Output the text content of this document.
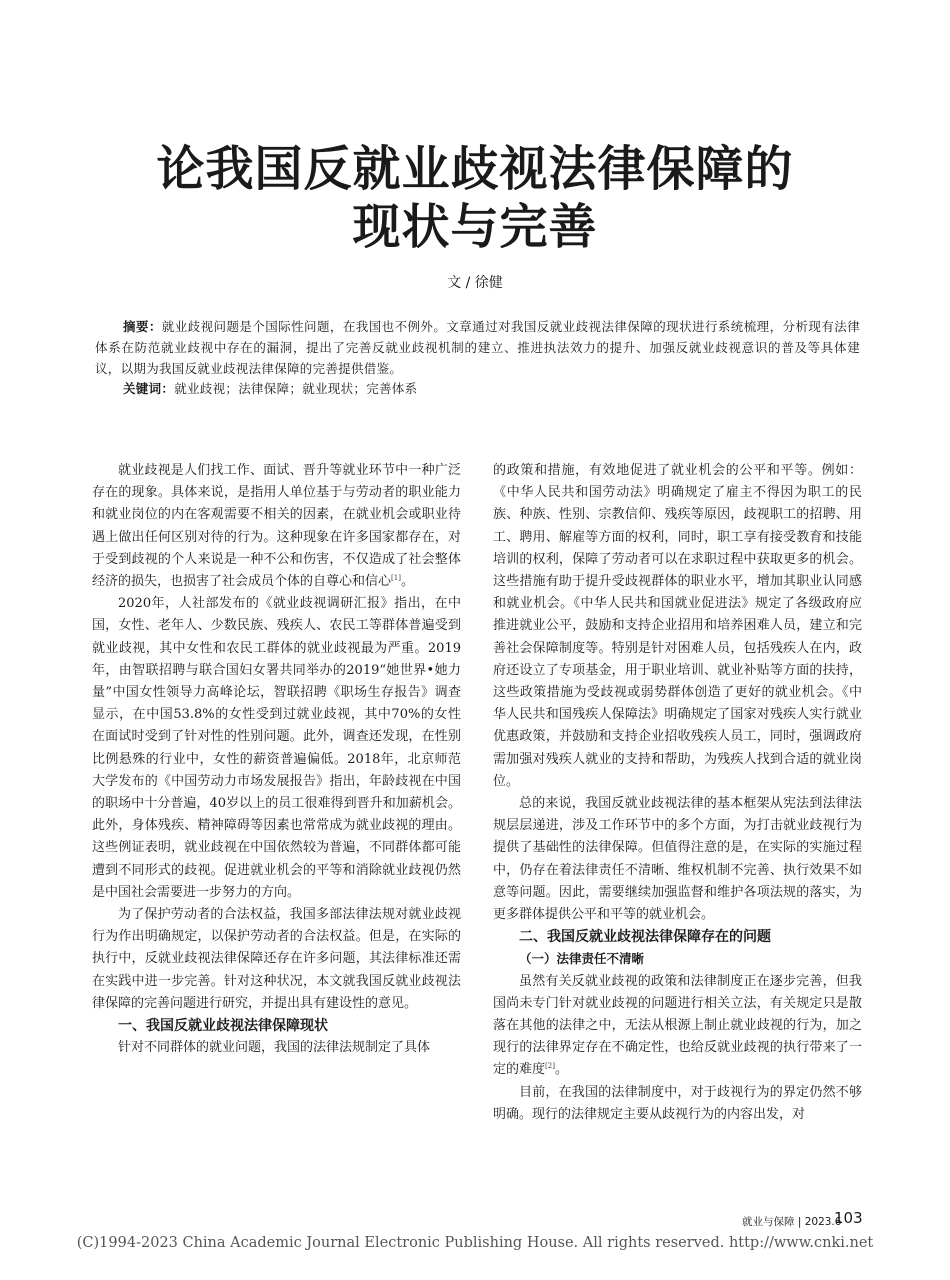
论我国反就业歧视法律保障的
现状与完善
文 / 徐健
摘要：就业歧视问题是个国际性问题，在我国也不例外。文章通过对我国反就业歧视法律保障的现状进行系统梳理，分析现有法律体系在防范就业歧视中存在的漏洞，提出了完善反就业歧视机制的建立、推进执法效力的提升、加强反就业歧视意识的普及等具体建议，以期为我国反就业歧视法律保障的完善提供借鉴。
关键词：就业歧视；法律保障；就业现状；完善体系

就业歧视是人们找工作、面试、晋升等就业环节中一种广泛存在的现象。具体来说，是指用人单位基于与劳动者的职业能力和就业岗位的内在客观需要不相关的因素，在就业机会或职业待遇上做出任何区别对待的行为。这种现象在许多国家都存在，对于受到歧视的个人来说是一种不公和伤害，不仅造成了社会整体经济的损失，也损害了社会成员个体的自尊心和信心[1]。

2020年，人社部发布的《就业歧视调研汇报》指出，在中国，女性、老年人、少数民族、残疾人、农民工等群体普遍受到就业歧视，其中女性和农民工群体的就业歧视最为严重。2019年，由智联招聘与联合国妇女署共同举办的2019“她世界•她力量”中国女性领导力高峰论坛，智联招聘《职场生存报告》调查显示，在中国53.8%的女性受到过就业歧视，其中70%的女性在面试时受到了针对性的性别问题。此外，调查还发现，在性别比例悬殊的行业中，女性的薪资普遍偏低。2018年，北京师范大学发布的《中国劳动力市场发展报告》指出，年龄歧视在中国的职场中十分普遍，40岁以上的员工很难得到晋升和加薪机会。此外，身体残疾、精神障碍等因素也常常成为就业歧视的理由。这些例证表明，就业歧视在中国依然较为普遍，不同群体都可能遭到不同形式的歧视。促进就业机会的平等和消除就业歧视仍然是中国社会需要进一步努力的方向。

为了保护劳动者的合法权益，我国多部法律法规对就业歧视行为作出明确规定，以保护劳动者的合法权益。但是，在实际的执行中，反就业歧视法律保障还存在许多问题，其法律标准还需在实践中进一步完善。针对这种状况，本文就我国反就业歧视法律保障的完善问题进行研究，并提出具有建设性的意见。

一、我国反就业歧视法律保障现状

针对不同群体的就业问题，我国的法律法规制定了具体

的政策和措施，有效地促进了就业机会的公平和平等。例如：《中华人民共和国劳动法》明确规定了雇主不得因为职工的民族、种族、性别、宗教信仰、残疾等原因，歧视职工的招聘、用工、聘用、解雇等方面的权利，同时，职工享有接受教育和技能培训的权利，保障了劳动者可以在求职过程中获取更多的机会。这些措施有助于提升受歧视群体的职业水平，增加其职业认同感和就业机会。《中华人民共和国就业促进法》规定了各级政府应推进就业公平，鼓励和支持企业招用和培养困难人员，建立和完善社会保障制度等。特别是针对困难人员，包括残疾人在内，政府还设立了专项基金，用于职业培训、就业补贴等方面的扶持，这些政策措施为受歧视或弱势群体创造了更好的就业机会。《中华人民共和国残疾人保障法》明确规定了国家对残疾人实行就业优惠政策，并鼓励和支持企业招收残疾人员工，同时，强调政府需加强对残疾人就业的支持和帮助，为残疾人找到合适的就业岗位。

总的来说，我国反就业歧视法律的基本框架从宪法到法律法规层层递进，涉及工作环节中的多个方面，为打击就业歧视行为提供了基础性的法律保障。但值得注意的是，在实际的实施过程中，仍存在着法律责任不清晰、维权机制不完善、执行效果不如意等问题。因此，需要继续加强监督和维护各项法规的落实，为更多群体提供公平和平等的就业机会。

二、我国反就业歧视法律保障存在的问题
（一）法律责任不清晰

虽然有关反就业歧视的政策和法律制度正在逐步完善，但我国尚未专门针对就业歧视的问题进行相关立法，有关规定只是散落在其他的法律之中，无法从根源上制止就业歧视的行为，加之现行的法律界定存在不确定性，也给反就业歧视的执行带来了一定的难度[2]。

目前，在我国的法律制度中，对于歧视行为的界定仍然不够明确。现行的法律规定主要从歧视行为的内容出发，对

就业与保障 | 2023.6
103
(C)1994-2023 China Academic Journal Electronic Publishing House. All rights reserved. http://www.cnki.net
